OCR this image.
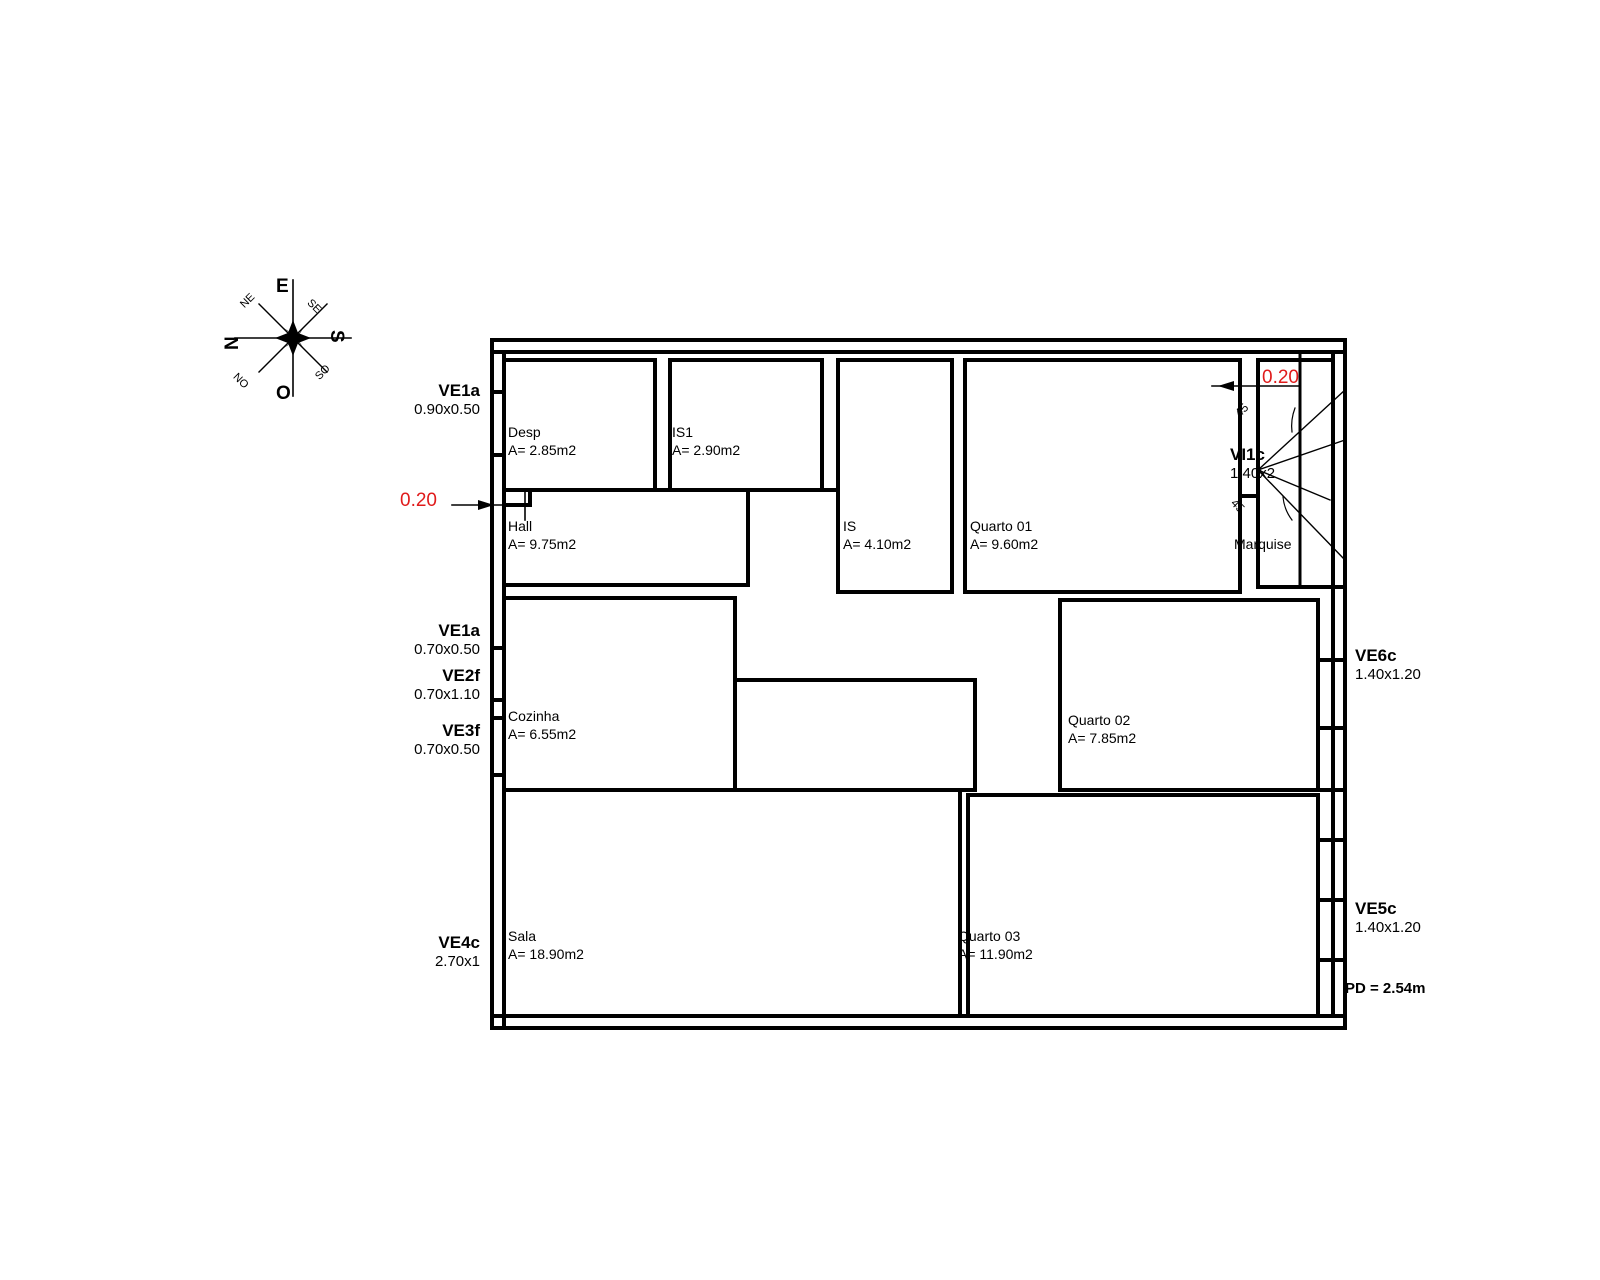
E
S
O
N
NE	SE
SO
NO
Desp
A= 2.85m2
IS1
A= 2.90m2
IS
A= 4.10m2
Quarto 01
A= 9.60m2
Hall
A= 9.75m2
Cozinha
A= 6.55m2
Quarto 02
A= 7.85m2
Sala
A= 18.90m2
Quarto 03
A= 11.90m2
Marquise
VE1a
0.90x0.50
VE1a
0.70x0.50
VE2f
0.70x1.10
VE3f
0.70x0.50
VE4c
2.70x1
VE6c
1.40x1.20
VE5c
1.40x1.20
VI1c
1.40x2
0.20
0.20
45
45
PD = 2.54m
